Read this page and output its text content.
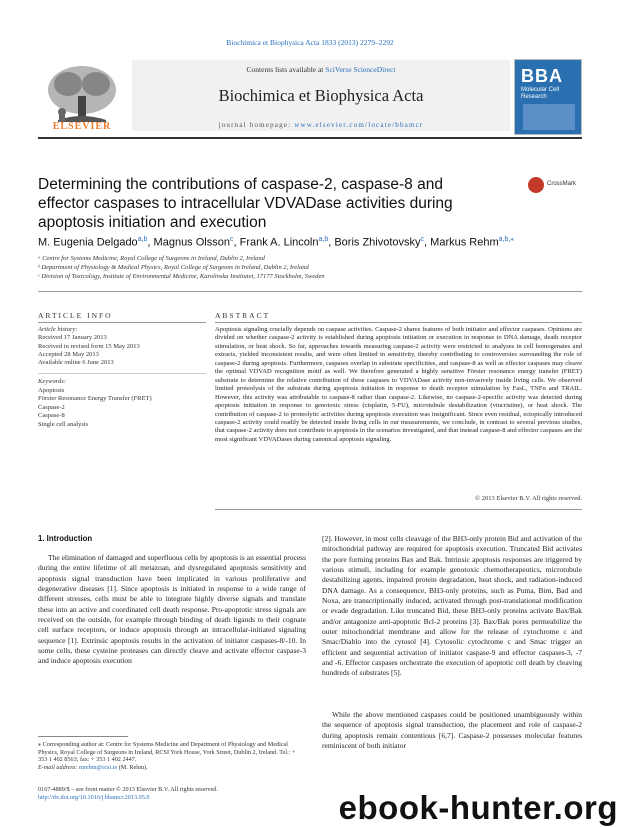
Biochimica et Biophysica Acta 1833 (2013) 2279–2292
Contents lists available at SciVerse ScienceDirect
Biochimica et Biophysica Acta
journal homepage: www.elsevier.com/locate/bbamcr
ELSEVIER
BBA
Molecular Cell Research
Determining the contributions of caspase-2, caspase-8 and effector caspases to intracellular VDVADase activities during apoptosis initiation and execution
CrossMark
M. Eugenia Delgado$^{a,b}$, Magnus Olsson$^c$, Frank A. Lincoln$^{a,b}$, Boris Zhivotovsky$^c$, Markus Rehm$^{a,b,⁎}$
ᵃ Centre for Systems Medicine, Royal College of Surgeons in Ireland, Dublin 2, Ireland
ᵇ Department of Physiology & Medical Physics, Royal College of Surgeons in Ireland, Dublin 2, Ireland
ᶜ Division of Toxicology, Institute of Environmental Medicine, Karolinska Institutet, 17177 Stockholm, Sweden
ARTICLE INFO
Article history:
Received 17 January 2013
Received in revised form 15 May 2013
Accepted 28 May 2013
Available online 6 June 2013
Keywords:
Apoptosis
Förster Resonance Energy Transfer (FRET)
Caspase-2
Caspase-8
Single cell analysis
ABSTRACT
Apoptosis signaling crucially depends on caspase activities. Caspase-2 shares features of both initiator and effector caspases. Opinions are divided on whether caspase-2 activity is established during apoptosis initiation or execution in response to DNA damage, death receptor stimulation, or heat shock. So far, approaches towards measuring caspase-2 activity were restricted to analyses in cell homogenates and extracts, yielded inconsistent results, and were often limited in sensitivity, thereby contributing to controversies surrounding the role of caspase-2 during apoptosis. Furthermore, caspases overlap in substrate specificities, and caspase-8 as well as effector caspases may cleave the optimal VDVAD recognition motif as well. We therefore generated a highly sensitive Förster resonance energy transfer (FRET) substrate to determine the relative contribution of these caspases to VDVADase activity non-invasively inside living cells. We observed limited proteolysis of the substrate during apoptosis initiation in response to death receptor stimulation by FasL, TNFα and TRAIL. However, this activity was attributable to caspase-8 rather than caspase-2. Likewise, no caspase-2-specific activity was detected during apoptosis initiation in response to genotoxic stress (cisplatin, 5-FU), microtubule destabilization (vincristine), or heat shock. The contribution of caspase-2 to proteolytic activities during apoptosis execution was insignificant. Since even residual, ectopically introduced caspase-2 activity could readily be detected inside living cells in our measurements, we conclude, in contrast to several previous studies, that caspase-2 activity does not contribute to apoptosis in the scenarios investigated, and that instead caspase-8 and effector caspases are the most significant VDVADases during canonical apoptosis signaling.
© 2013 Elsevier B.V. All rights reserved.
1. Introduction
The elimination of damaged and superfluous cells by apoptosis is an essential process during the entire lifetime of all metazoan, and dysregulated apoptosis sensitivity and apoptosis signal transduction have been implicated in various proliferative and degenerative diseases [1]. Since apoptosis is initiated in response to a wide range of different stresses, cells must be able to integrate highly diverse signals and translate these into an active and coordinated cell death response. Pro-apoptotic stress signals are received on the outside, for example through binding of death ligands to their cognate cell surface receptors, or induce apoptosis through an intracellular-initiated signaling sequence [1]. Extrinsic apoptosis results in the activation of initiator caspases-8/-10. In some cells, these cysteine proteases can directly cleave and activate effector caspase-3 and induce apoptosis execution
[2]. However, in most cells cleavage of the BH3-only protein Bid and activation of the mitochondrial pathway are required for apoptosis execution. Truncated Bid activates the pore forming proteins Bax and Bak. Intrinsic apoptosis responses are triggered by various stimuli, including for example genotoxic chemotherapeutics, microtubule destabilizing agents, impaired protein degradation, heat shock, and radiation-induced DNA damage. As a consequence, BH3-only proteins, such as Puma, Bim, Bad and Noxa, are transcriptionally induced, activated through post-translational modification or evade degradation. Like truncated Bid, these BH3-only proteins activate Bax/Bak and/or antagonize anti-apoptotic Bcl-2 proteins [3]. Bax/Bak pores permeabilize the outer mitochondrial membrane and allow for the release of cytochrome c and Smac/Diablo into the cytosol [4]. Cytosolic cytochrome c and Smac trigger an efficient and sequential activation of initiator caspase-9 and effector caspases-3, -7 and -6. Effector caspases orchestrate the execution of apoptotic cell death by cleaving hundreds of substrates [5].
While the above mentioned caspases could be positioned unambiguously within the sequence of apoptosis signal transduction, the placement and role of caspase-2 during apoptosis remain contentious [6,7]. Caspase-2 possesses molecular features reminiscent of both initiator
⁎ Corresponding author at: Centre for Systems Medicine and Department of Physiology and Medical Physics, Royal College of Surgeons in Ireland, RCSI York House, York Street, Dublin 2, Ireland. Tel.: + 353 1 402 8563; fax: + 353 1 402 2447.
E-mail address: mrehm@rcsi.ie (M. Rehm).
0167-4889/$ – see front matter © 2013 Elsevier B.V. All rights reserved.
http://dx.doi.org/10.1016/j.bbamcr.2013.05.0	ebook-hunter.org
